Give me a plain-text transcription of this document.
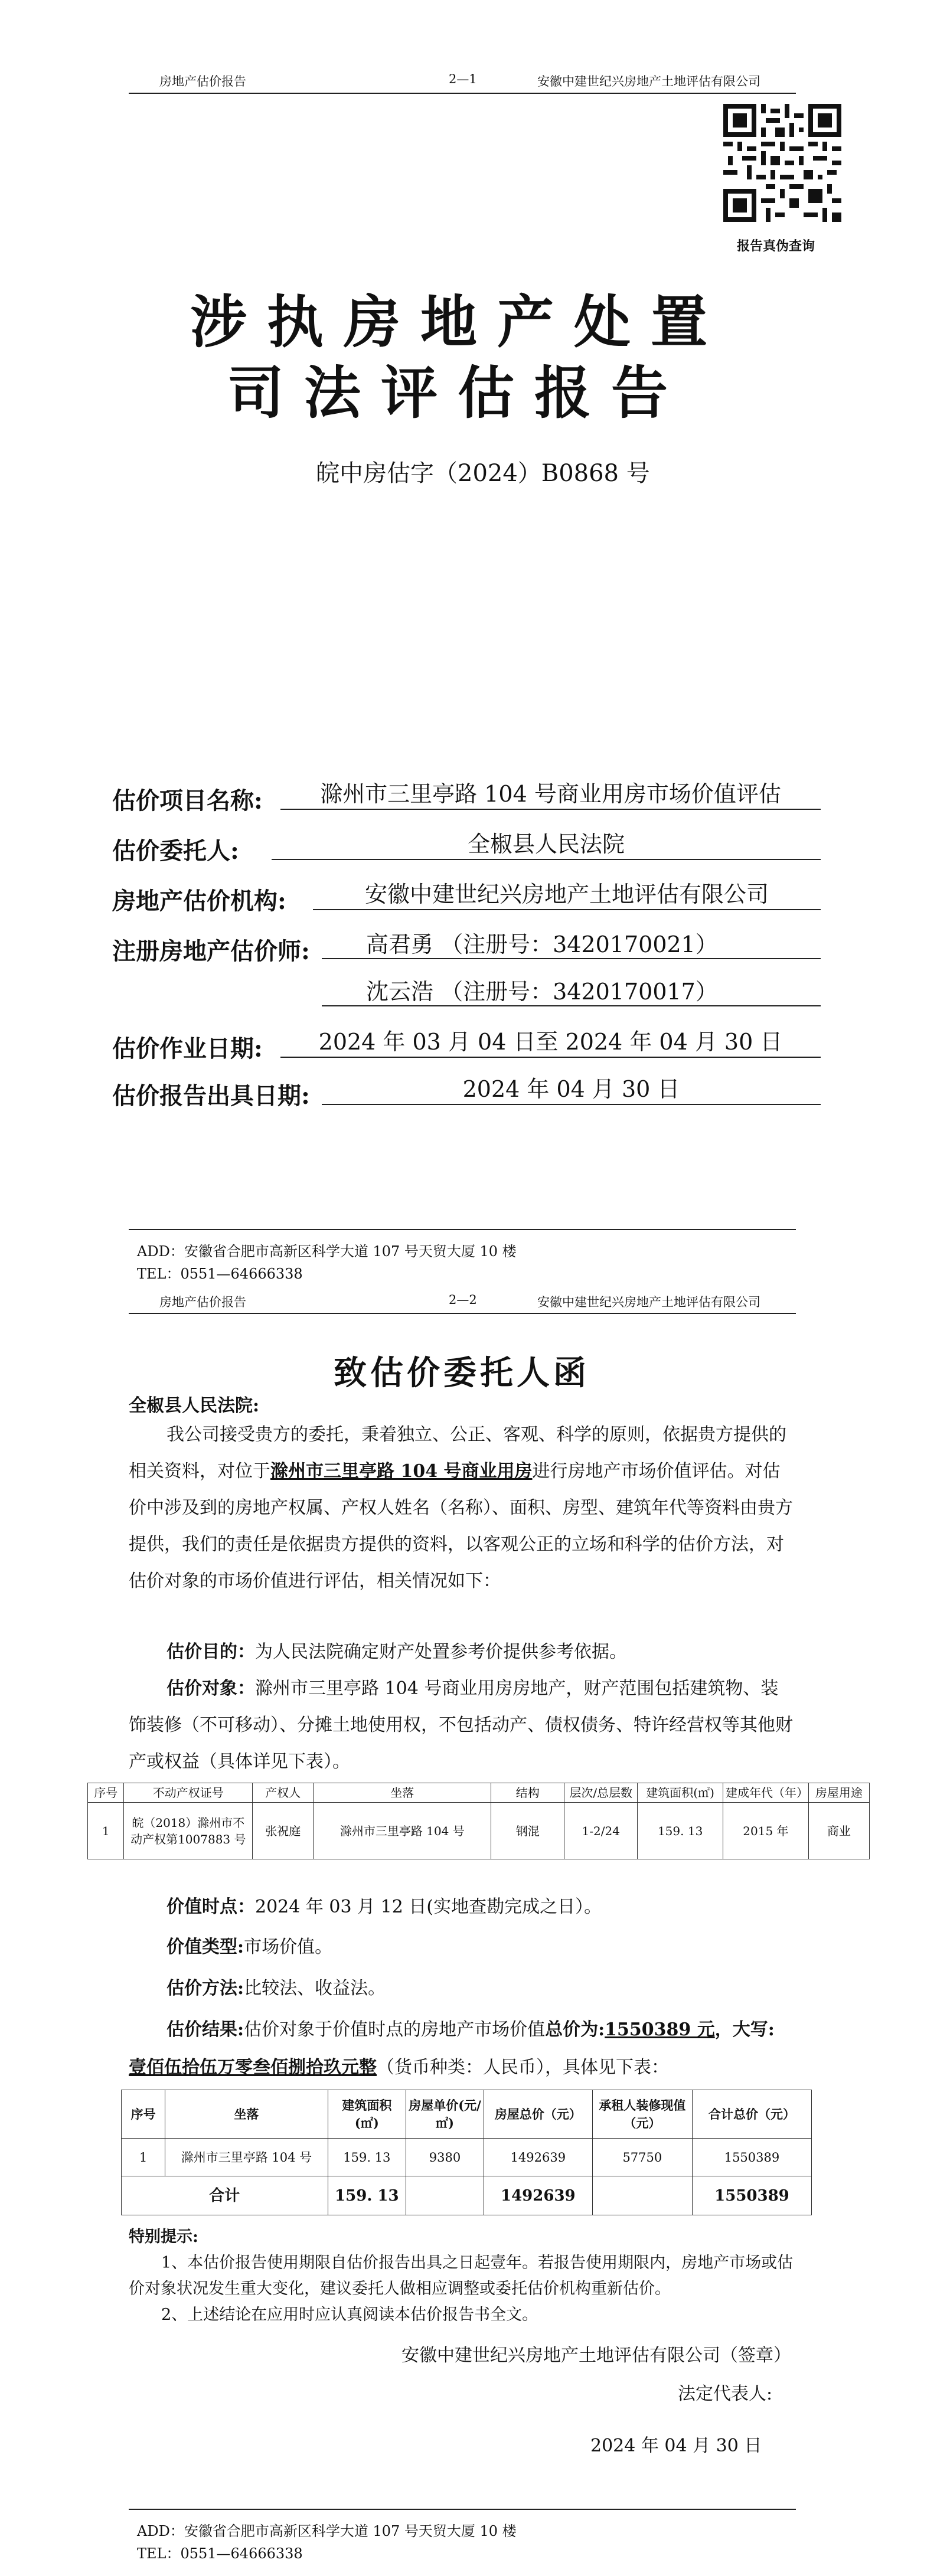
房地产估价报告	2—1	安徽中建世纪兴房地产土地评估有限公司
报告真伪查询
涉执房地产处置
司法评估报告
皖中房估字（2024）B0868 号
估价项目名称:	滁州市三里亭路 104 号商业用房市场价值评估
估价委托人:	全椒县人民法院
房地产估价机构:	安徽中建世纪兴房地产土地评估有限公司
注册房地产估价师:	高君勇 （注册号：3420170021）
沈云浩 （注册号：3420170017）
估价作业日期:	2024 年 03 月 04 日至 2024 年 04 月 30 日
估价报告出具日期:	2024 年 04 月 30 日
ADD：安徽省合肥市高新区科学大道 107 号天贸大厦 10 楼
TEL：0551—64666338
房地产估价报告	2—2	安徽中建世纪兴房地产土地评估有限公司
致估价委托人函
全椒县人民法院:
我公司接受贵方的委托，秉着独立、公正、客观、科学的原则，依据贵方提供的相关资料，对位于滁州市三里亭路 104 号商业用房进行房地产市场价值评估。对估价中涉及到的房地产权属、产权人姓名（名称）、面积、房型、建筑年代等资料由贵方提供，我们的责任是依据贵方提供的资料，以客观公正的立场和科学的估价方法，对估价对象的市场价值进行评估，相关情况如下：
估价目的：为人民法院确定财产处置参考价提供参考依据。
估价对象：滁州市三里亭路 104 号商业用房房地产，财产范围包括建筑物、装饰装修（不可移动）、分摊土地使用权，不包括动产、债权债务、特许经营权等其他财产或权益（具体详见下表）。
序号	不动产权证号	产权人	坐落	结构	层次/总层数	建筑面积(㎡)	建成年代（年）	房屋用途
1	皖（2018）滁州市不动产权第1007883 号	张祝庭	滁州市三里亭路 104 号	钢混	1-2/24	159. 13	2015 年	商业
价值时点：2024 年 03 月 12 日(实地查勘完成之日）。
价值类型:市场价值。
估价方法:比较法、收益法。
估价结果:估价对象于价值时点的房地产市场价值总价为:1550389 元，大写:
壹佰伍拾伍万零叁佰捌拾玖元整（货币种类：人民币），具体见下表：
序号	坐落	建筑面积(㎡)	房屋单价(元/㎡)	房屋总价（元）	承租人装修现值（元）	合计总价（元）
1	滁州市三里亭路 104 号	159. 13	9380	1492639	57750	1550389
合计		159. 13		1492639		1550389
特别提示:
1、本估价报告使用期限自估价报告出具之日起壹年。若报告使用期限内，房地产市场或估价对象状况发生重大变化，建议委托人做相应调整或委托估价机构重新估价。
2、上述结论在应用时应认真阅读本估价报告书全文。
安徽中建世纪兴房地产土地评估有限公司（签章）
法定代表人:
2024 年 04 月 30 日
ADD：安徽省合肥市高新区科学大道 107 号天贸大厦 10 楼
TEL：0551—64666338
